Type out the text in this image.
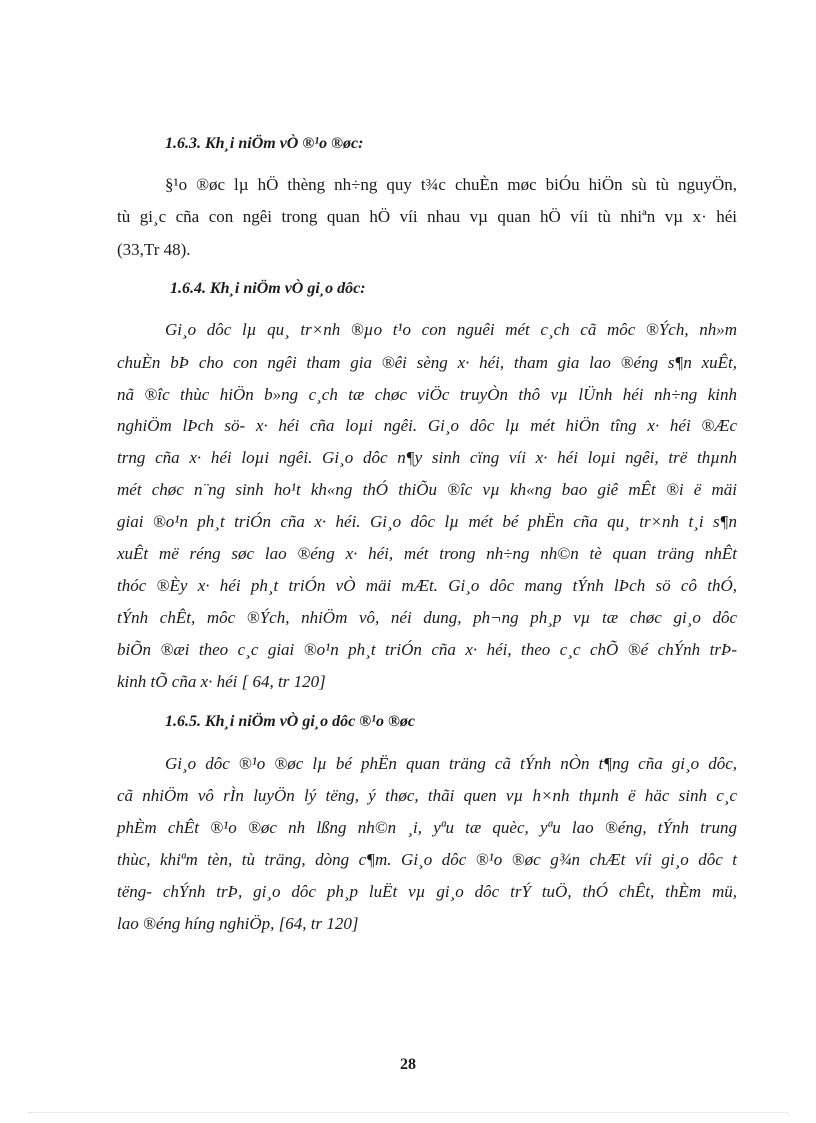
1.6.3. Kh¸i niÖm vÒ ®¹o ®øc:
§¹o ®øc lµ hÖ thèng nh÷ng quy t¾c chuÈn møc biÓu hiÖn sù tù nguyÖn,
tù gi¸c cña con ngêi trong quan hÖ víi nhau vµ quan hÖ víi tù nhiªn vµ x· héi
(33,Tr 48).
1.6.4. Kh¸i niÖm vÒ gi¸o dôc:
Gi¸o dôc lµ qu¸ tr×nh ®µo t¹o con nguêi mét c¸ch cã môc ®Ých, nh»m
chuÈn bÞ cho con ngêi tham gia ®êi sèng x· héi, tham gia lao ®éng s¶n xuÊt,
nã ®îc thùc hiÖn b»ng c¸ch tæ chøc viÖc truyÒn thô vµ lÜnh héi nh÷ng kinh
nghiÖm lÞch sö- x· héi cña loµi ngêi. Gi¸o dôc lµ mét hiÖn tîng x· héi ®Æc
trng cña x· héi loµi ngêi. Gi¸o dôc n¶y sinh cïng víi x· héi loµi ngêi, trë thµnh
mét chøc n¨ng sinh ho¹t kh«ng thÓ thiÕu ®îc vµ kh«ng bao giê mÊt ®i ë mäi
giai ®o¹n ph¸t triÓn cña x· héi. Gi¸o dôc lµ mét bé phËn cña qu¸ tr×nh t¸i s¶n
xuÊt më réng søc lao ®éng x· héi, mét trong nh÷ng nh©n tè quan träng nhÊt
thóc ®Èy x· héi ph¸t triÓn vÒ mäi mÆt. Gi¸o dôc mang tÝnh lÞch sö cô thÓ,
tÝnh chÊt, môc ®Ých, nhiÖm vô, néi dung, ph¬ng ph¸p vµ tæ chøc gi¸o dôc
biÕn ®æi theo c¸c giai ®o¹n ph¸t triÓn cña x· héi, theo c¸c chÕ ®é chÝnh trÞ-
kinh tÕ cña x· héi [ 64, tr 120]
1.6.5. Kh¸i niÖm vÒ gi¸o dôc ®¹o ®øc
Gi¸o dôc ®¹o ®øc lµ bé phËn quan träng cã tÝnh nÒn t¶ng cña gi¸o dôc,
cã nhiÖm vô rÌn luyÖn lý tëng, ý thøc, thãi quen vµ h×nh thµnh ë häc sinh c¸c
phÈm chÊt ®¹o ®øc nh lßng nh©n ¸i, yªu tæ quèc, yªu lao ®éng, tÝnh trung
thùc, khiªm tèn, tù träng, dòng c¶m. Gi¸o dôc ®¹o ®øc g¾n chÆt víi gi¸o dôc t
tëng- chÝnh trÞ, gi¸o dôc ph¸p luËt vµ gi¸o dôc trÝ tuÖ, thÓ chÊt, thÈm mü,
lao ®éng híng nghiÖp, [64, tr 120]
28
